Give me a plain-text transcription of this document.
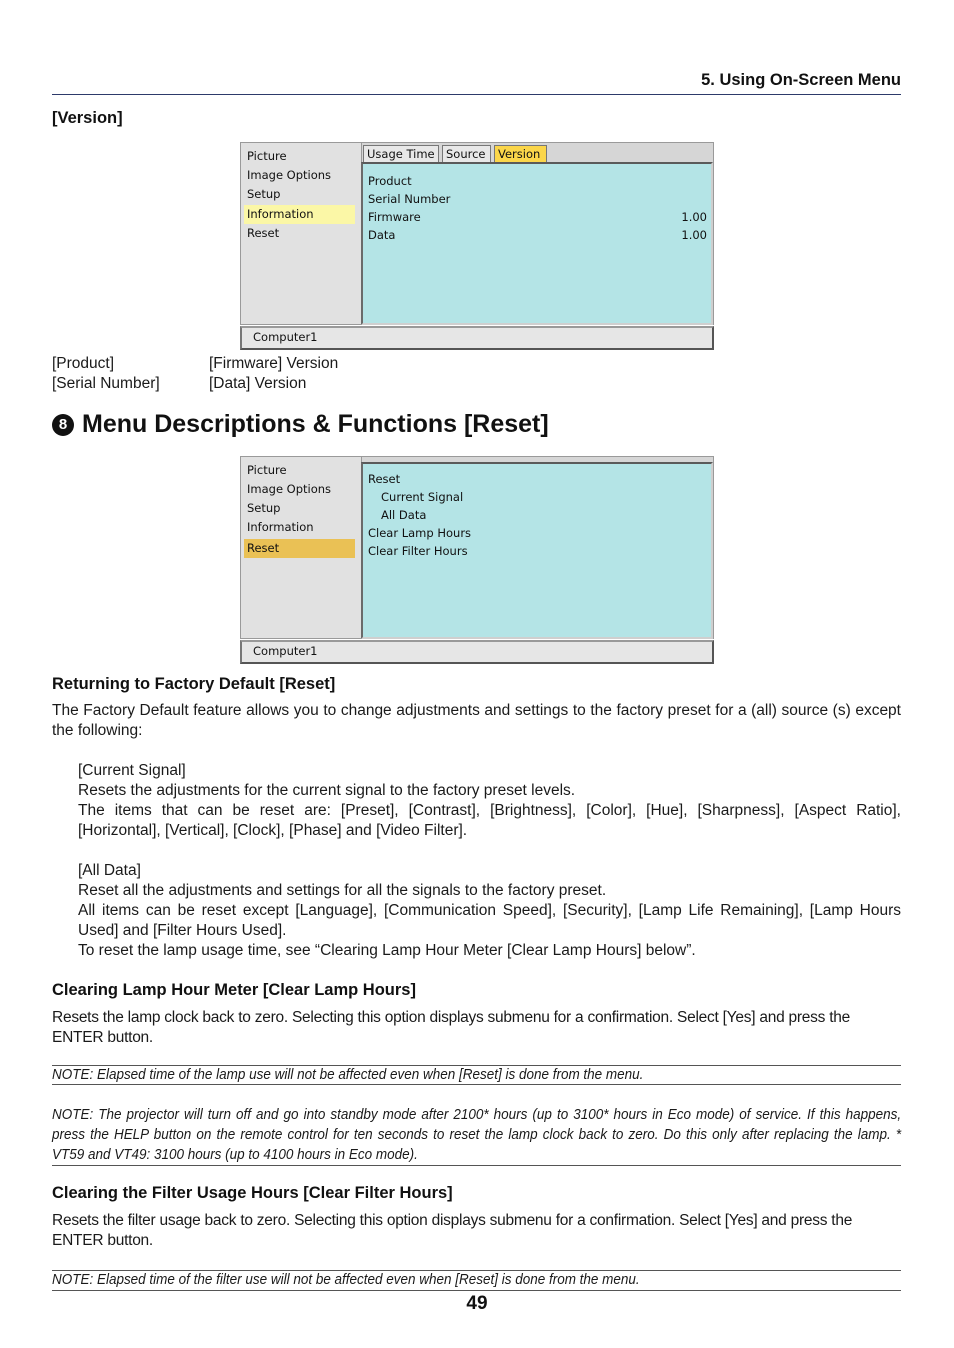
5. Using On-Screen Menu
[Version]
Picture
Image Options
Setup
Information
Reset
Usage Time Source	Version
Product
Serial Number
Firmware	1.00
Data	1.00
Computer1
[Product]	[Firmware] Version
[Serial Number]	[Data] Version
8 Menu Descriptions & Functions [Reset]
Picture
Image Options
Setup
Information
Reset
Reset
Current Signal
All Data
Clear Lamp Hours
Clear Filter Hours
Computer1
Returning to Factory Default [Reset]
The Factory Default feature allows you to change adjustments and settings to the factory preset for a (all) source (s) except the following:
[Current Signal]
Resets the adjustments for the current signal to the factory preset levels.
The items that can be reset are: [Preset], [Contrast], [Brightness], [Color], [Hue], [Sharpness], [Aspect Ratio], [Horizontal], [Vertical], [Clock], [Phase] and [Video Filter].
[All Data]
Reset all the adjustments and settings for all the signals to the factory preset.
All items can be reset except [Language], [Communication Speed], [Security], [Lamp Life Remaining], [Lamp Hours Used] and [Filter Hours Used].
To reset the lamp usage time, see “Clearing Lamp Hour Meter [Clear Lamp Hours] below”.
Clearing Lamp Hour Meter [Clear Lamp Hours]
Resets the lamp clock back to zero. Selecting this option displays submenu for a confirmation. Select [Yes] and press the ENTER button.
NOTE: Elapsed time of the lamp use will not be affected even when [Reset] is done from the menu.
NOTE: The projector will turn off and go into standby mode after 2100* hours (up to 3100* hours in Eco mode) of service. If this happens, press the HELP button on the remote control for ten seconds to reset the lamp clock back to zero. Do this only after replacing the lamp. * VT59 and VT49: 3100 hours (up to 4100 hours in Eco mode).
Clearing the Filter Usage Hours [Clear Filter Hours]
Resets the filter usage back to zero. Selecting this option displays submenu for a confirmation. Select [Yes] and press the ENTER button.
NOTE: Elapsed time of the filter use will not be affected even when [Reset] is done from the menu.
49
